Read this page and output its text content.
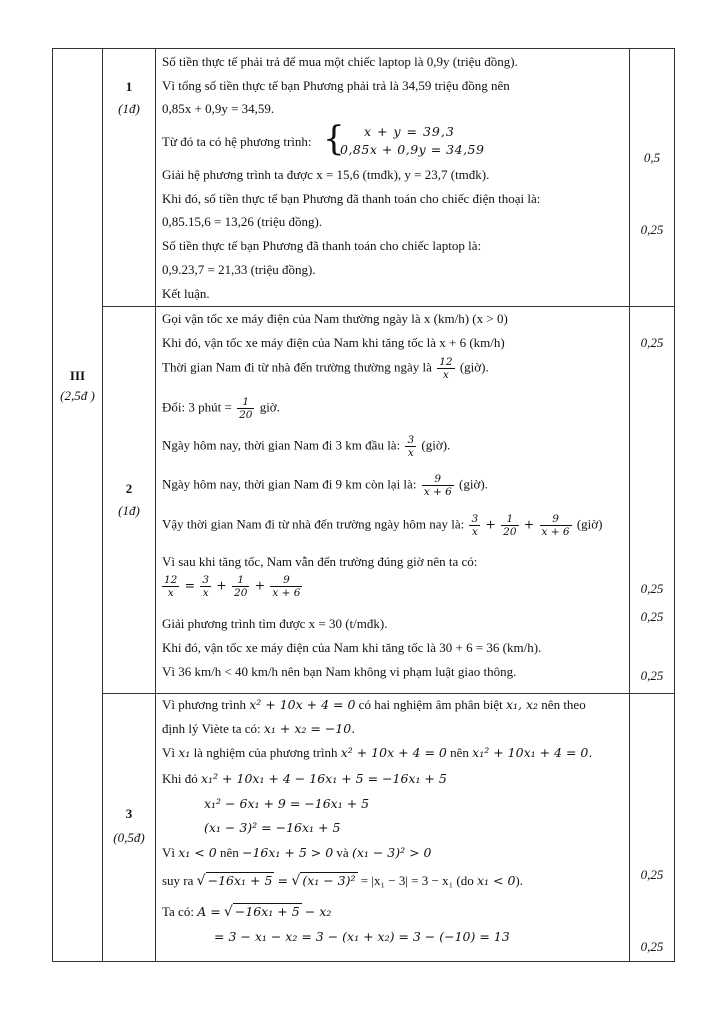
III
(2,5đ )
1
(1đ)
Số tiền thực tế phải trả để mua một chiếc laptop là 0,9y (triệu đồng).
Vì tổng số tiền thực tế bạn Phương phải trả là 34,59 triệu đồng nên
0,85x + 0,9y = 34,59.
Từ đó ta có hệ phương trình: { x + y = 39,3
0,85x + 0,9y = 34,59
Giải hệ phương trình ta được x = 15,6 (tmđk), y = 23,7 (tmđk).
Khi đó, số tiền thực tế bạn Phương đã thanh toán cho chiếc điện thoại là:
0,85.15,6 = 13,26 (triệu đồng).
Số tiền thực tế bạn Phương đã thanh toán cho chiếc laptop là:
0,9.23,7 = 21,33 (triệu đồng).
Kết luận.
0,5
0,25
2
(1đ)
Gọi vận tốc xe máy điện của Nam thường ngày là x (km/h) (x > 0)
Khi đó, vận tốc xe máy điện của Nam khi tăng tốc là x + 6 (km/h)
Thời gian Nam đi từ nhà đến trường thường ngày là $\frac{12}{x}$ (giờ).
Đổi: 3 phút = $\frac{1}{20}$ giờ.
Ngày hôm nay, thời gian Nam đi 3 km đầu là: $\frac{3}{x}$ (giờ).
Ngày hôm nay, thời gian Nam đi 9 km còn lại là: $\frac{9}{x + 6}$ (giờ).
Vậy thời gian Nam đi từ nhà đến trường ngày hôm nay là: $\frac{3}{x} + \frac{1}{20} + \frac{9}{x + 6}$ (giờ)
Vì sau khi tăng tốc, Nam vẫn đến trường đúng giờ nên ta có:
$\frac{12}{x} = \frac{3}{x} + \frac{1}{20} + \frac{9}{x + 6}$
Giải phương trình tìm được x = 30 (t/mđk).
Khi đó, vận tốc xe máy điện của Nam khi tăng tốc là 30 + 6 = 36 (km/h).
Vì 36 km/h < 40 km/h nên bạn Nam không vi phạm luật giao thông.
0,25
0,25
0,25
0,25
3
(0,5đ)
Vì phương trình x² + 10x + 4 = 0 có hai nghiệm âm phân biệt x₁, x₂ nên theo
định lý Viète ta có: x₁ + x₂ = −10.
Vì x₁ là nghiệm của phương trình x² + 10x + 4 = 0 nên x₁² + 10x₁ + 4 = 0.
Khi đó x₁² + 10x₁ + 4 − 16x₁ + 5 = −16x₁ + 5
x₁² − 6x₁ + 9 = −16x₁ + 5
(x₁ − 3)² = −16x₁ + 5
Vì x₁ < 0 nên −16x₁ + 5 > 0 và (x₁ − 3)² > 0
suy ra √ −16x₁ + 5 = √ (x₁ − 3)² = |x₁ − 3| = 3 − x₁ (do x₁ < 0).
Ta có: A = √ −16x₁ + 5 − x₂
= 3 − x₁ − x₂ = 3 − (x₁ + x₂) = 3 − (−10) = 13
0,25
0,25
